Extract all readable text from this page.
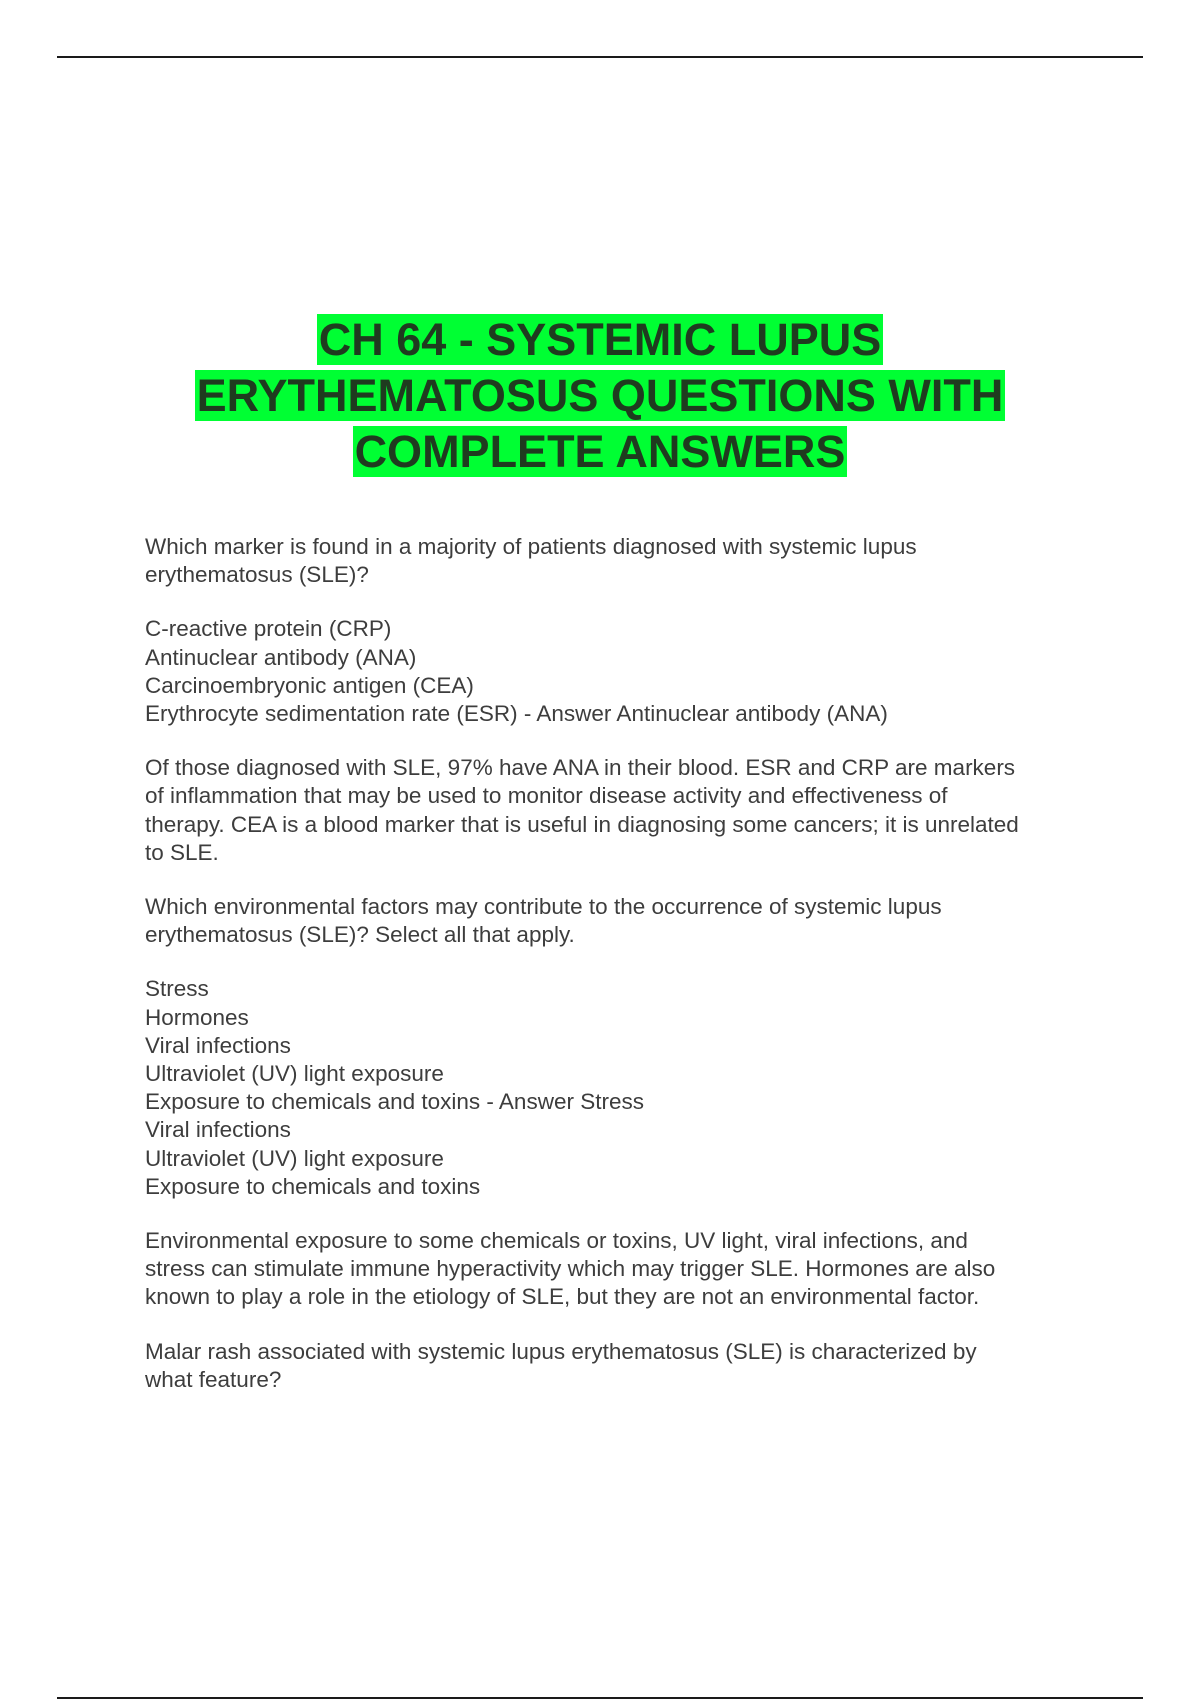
CH 64 - SYSTEMIC LUPUS
ERYTHEMATOSUS QUESTIONS WITH
COMPLETE ANSWERS

Which marker is found in a majority of patients diagnosed with systemic lupus
erythematosus (SLE)?

C-reactive protein (CRP)
Antinuclear antibody (ANA)
Carcinoembryonic antigen (CEA)
Erythrocyte sedimentation rate (ESR) - Answer Antinuclear antibody (ANA)

Of those diagnosed with SLE, 97% have ANA in their blood. ESR and CRP are markers
of inflammation that may be used to monitor disease activity and effectiveness of
therapy. CEA is a blood marker that is useful in diagnosing some cancers; it is unrelated
to SLE.

Which environmental factors may contribute to the occurrence of systemic lupus
erythematosus (SLE)? Select all that apply.

Stress
Hormones
Viral infections
Ultraviolet (UV) light exposure
Exposure to chemicals and toxins - Answer Stress
Viral infections
Ultraviolet (UV) light exposure
Exposure to chemicals and toxins

Environmental exposure to some chemicals or toxins, UV light, viral infections, and
stress can stimulate immune hyperactivity which may trigger SLE. Hormones are also
known to play a role in the etiology of SLE, but they are not an environmental factor.

Malar rash associated with systemic lupus erythematosus (SLE) is characterized by
what feature?
